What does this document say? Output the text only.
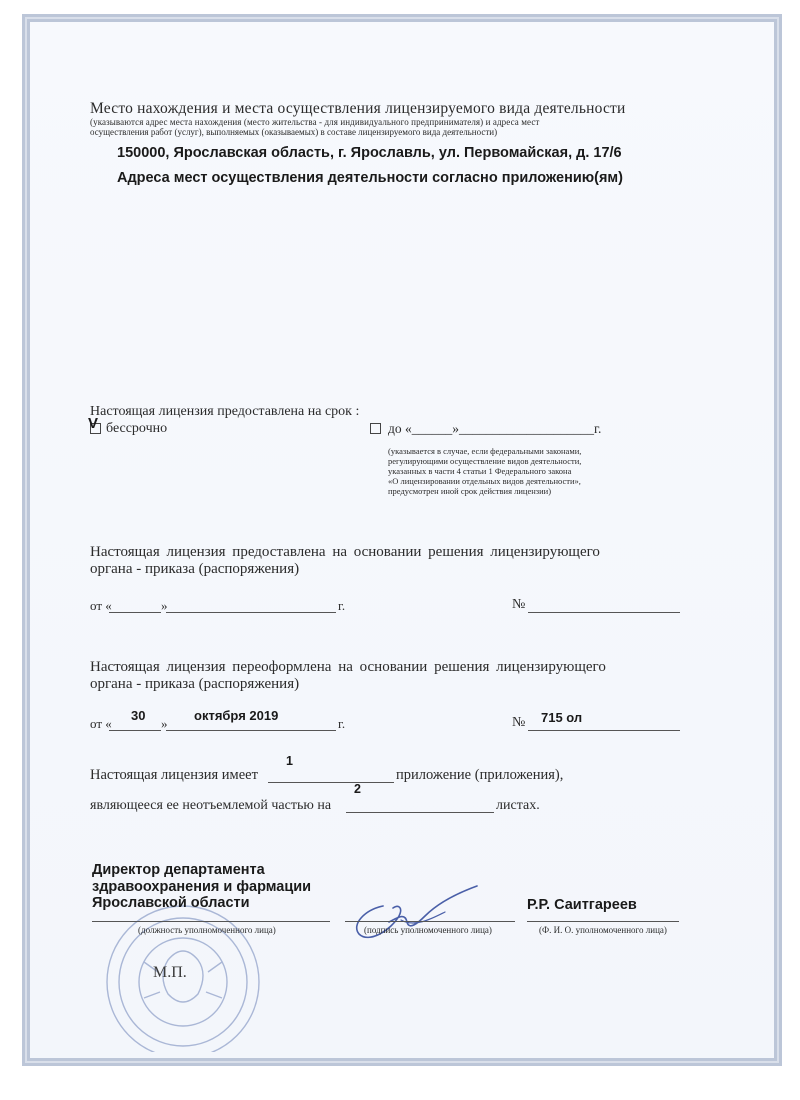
Место нахождения и места осуществления лицензируемого вида деятельности
(указываются адрес места нахождения (место жительства - для индивидуального предпринимателя) и адреса мест
осуществления работ (услуг), выполняемых (оказываемых) в составе лицензируемого вида деятельности)
150000, Ярославская область, г. Ярославль, ул. Первомайская, д. 17/6
Адреса мест осуществления деятельности согласно приложению(ям)
Настоящая лицензия предоставлена на срок :
V бессрочно	до «______»____________________г.
(указывается в случае, если федеральными законами,
регулирующими осуществление видов деятельности,
указанных в части 4 статьи 1 Федерального закона
«О лицензировании отдельных видов деятельности»,
предусмотрен иной срок действия лицензии)
Настоящая лицензия предоставлена на основании решения лицензирующего
органа - приказа (распоряжения)
от «	»	г.	№
Настоящая лицензия переоформлена на основании решения лицензирующего
органа - приказа (распоряжения)
30	октября 2019
от «	»	г.	№ 715 ол
1
Настоящая лицензия имеет	приложение (приложения),
2
являющееся ее неотъемлемой частью на	листах.
М.П.
Директор департамента
здравоохранения и фармации
Ярославской области
(должность уполномоченного лица)	(подпись уполномоченного лица)
Р.Р. Саитгареев
(Ф. И. О. уполномоченного лица)
